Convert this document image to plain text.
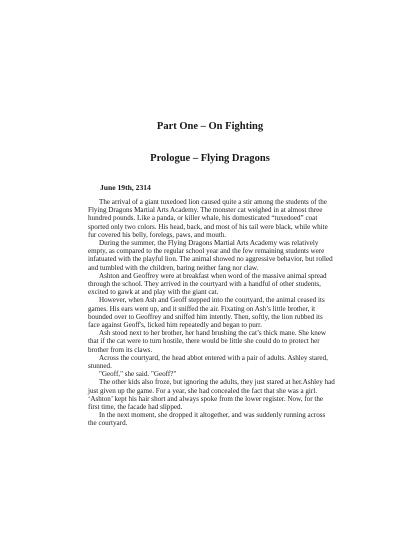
Part One – On Fighting
Prologue – Flying Dragons
June 19th, 2314

The arrival of a giant tuxedoed lion caused quite a stir among the students of the Flying Dragons Martial Arts Academy. The monster cat weighed in at almost three hundred pounds. Like a panda, or killer whale, his domesticated “tuxedoed” coat sported only two colors. His head, back, and most of his tail were black, while white fur covered his belly, forelegs, paws, and mouth.

During the summer, the Flying Dragons Martial Arts Academy was relatively empty, as compared to the regular school year and the few remaining students were infatuated with the playful lion. The animal showed no aggressive behavior, but rolled and tumbled with the children, baring neither fang nor claw.

Ashton and Geoffrey were at breakfast when word of the massive animal spread through the school. They arrived in the courtyard with a handful of other students, excited to gawk at and play with the giant cat.

However, when Ash and Geoff stepped into the courtyard, the animal ceased its games. His ears went up, and it sniffed the air. Fixating on Ash’s little brother, it bounded over to Geoffrey and sniffed him intently. Then, softly, the lion rubbed its face against Geoff's, licked him repeatedly and began to purr.

Ash stood next to her brother, her hand brushing the cat’s thick mane. She knew that if the cat were to turn hostile, there would be little she could do to protect her brother from its claws.

Across the courtyard, the head abbot entered with a pair of adults. Ashley stared, stunned.

"Geoff," she said. "Geoff?"

The other kids also froze, but ignoring the adults, they just stared at her.Ashley had just given up the game. For a year, she had concealed the fact that she was a girl. ‘Ashton’ kept his hair short and always spoke from the lower register. Now, for the first time, the facade had slipped.

In the next moment, she dropped it altogether, and was suddenly running across the courtyard.
